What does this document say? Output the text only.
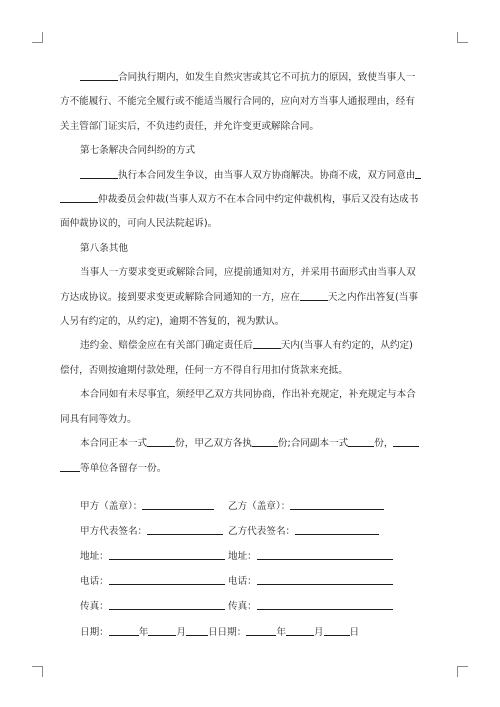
合同执行期内，如发生自然灾害或其它不可抗力的原因，致使当事人一

方不能履行、不能完全履行或不能适当履行合同的，应向对方当事人通报理由，经有

关主管部门证实后，不负违约责任，并允许变更或解除合同。

第七条解决合同纠纷的方式

执行本合同发生争议，由当事人双方协商解决。协商不成，双方同意由

仲裁委员会仲裁(当事人双方不在本合同中约定仲裁机构，事后又没有达成书

面仲裁协议的，可向人民法院起诉)。

第八条其他

当事人一方要求变更或解除合同，应提前通知对方，并采用书面形式由当事人双

方达成协议。接到要求变更或解除合同通知的一方，应在	天之内作出答复(当事

人另有约定的，从约定)，逾期不答复的，视为默认。

违约金、赔偿金应在有关部门确定责任后	天内(当事人有约定的，从约定)

偿付，否则按逾期付款处理，任何一方不得自行用扣付货款来充抵。

本合同如有未尽事宜，须经甲乙双方共同协商，作出补充规定，补充规定与本合

同具有同等效力。

本合同正本一式	份，甲乙双方各执	份;合同副本一式	份，

等单位各留存一份。

甲方（盖章）：	乙方（盖章）：
甲方代表签名：	乙方代表签名：
地址：	地址：
电话：	电话：
传真：	传真：
日期：	年	月 日日期：	年	月	日
